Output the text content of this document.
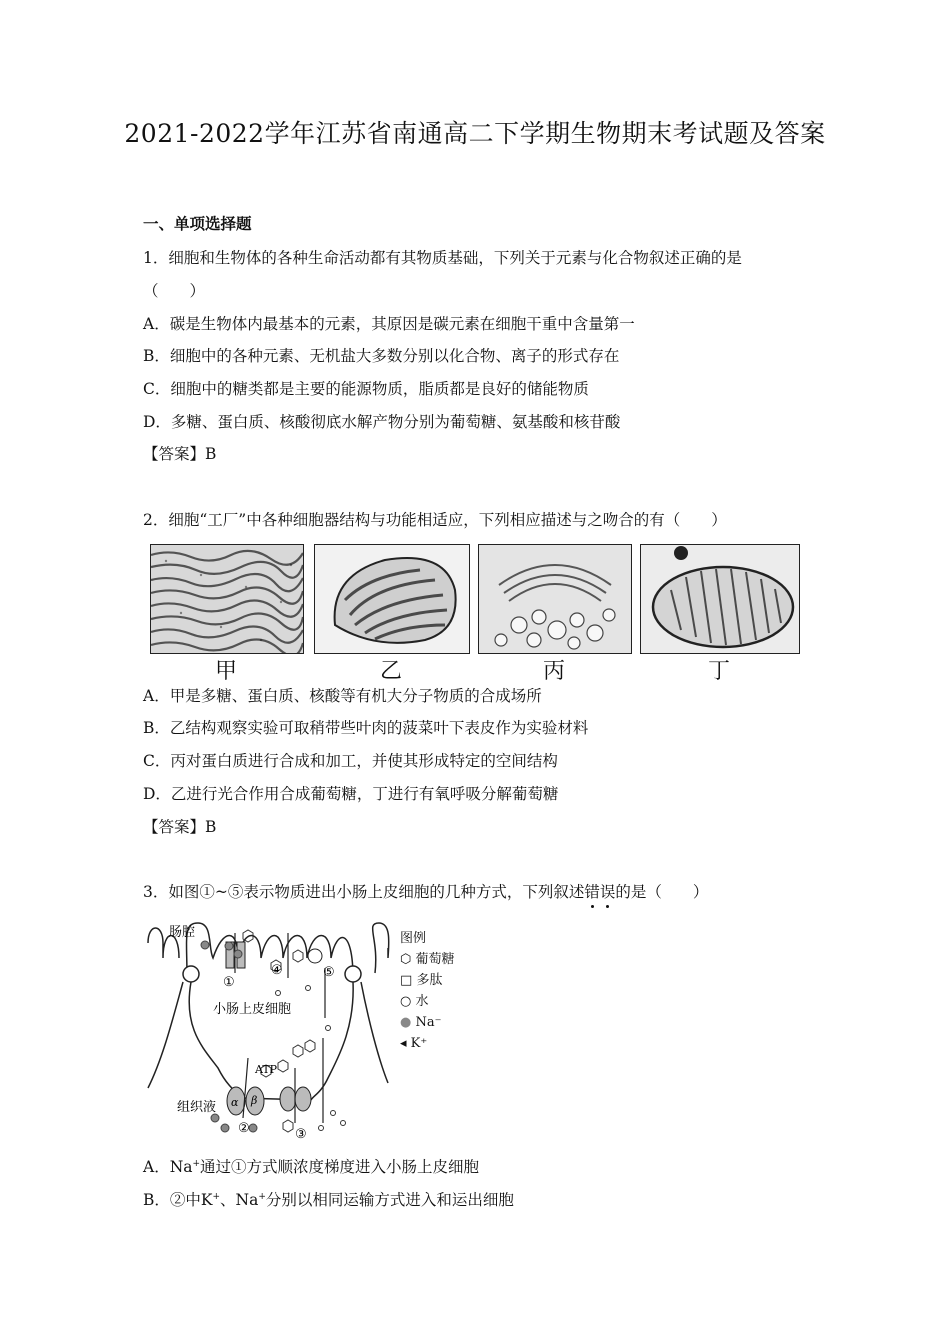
2021-2022学年江苏省南通高二下学期生物期末考试题及答案
一、单项选择题
1．细胞和生物体的各种生命活动都有其物质基础，下列关于元素与化合物叙述正确的是
（　　）
A．碳是生物体内最基本的元素，其原因是碳元素在细胞干重中含量第一
B．细胞中的各种元素、无机盐大多数分别以化合物、离子的形式存在
C．细胞中的糖类都是主要的能源物质，脂质都是良好的储能物质
D．多糖、蛋白质、核酸彻底水解产物分别为葡萄糖、氨基酸和核苷酸
【答案】B
2．细胞“工厂”中各种细胞器结构与功能相适应，下列相应描述与之吻合的有（　　）
甲	乙	丙	丁
A．甲是多糖、蛋白质、核酸等有机大分子物质的合成场所
B．乙结构观察实验可取稍带些叶肉的菠菜叶下表皮作为实验材料
C．丙对蛋白质进行合成和加工，并使其形成特定的空间结构
D．乙进行光合作用合成葡萄糖，丁进行有氧呼吸分解葡萄糖
【答案】B
3．如图①~⑤表示物质进出小肠上皮细胞的几种方式，下列叙述错误
的是（　　）
肠腔
小肠上皮细胞
组织液
ATP
α β
①
②	③
④	⑤
图例
⬡ 葡萄糖
□ 多肽
○ 水
● Na⁻
◂ K⁺
A．Na+通过①方式顺浓度梯度进入小肠上皮细胞
B．②中K+、Na+分别以相同运输方式进入和运出细胞
